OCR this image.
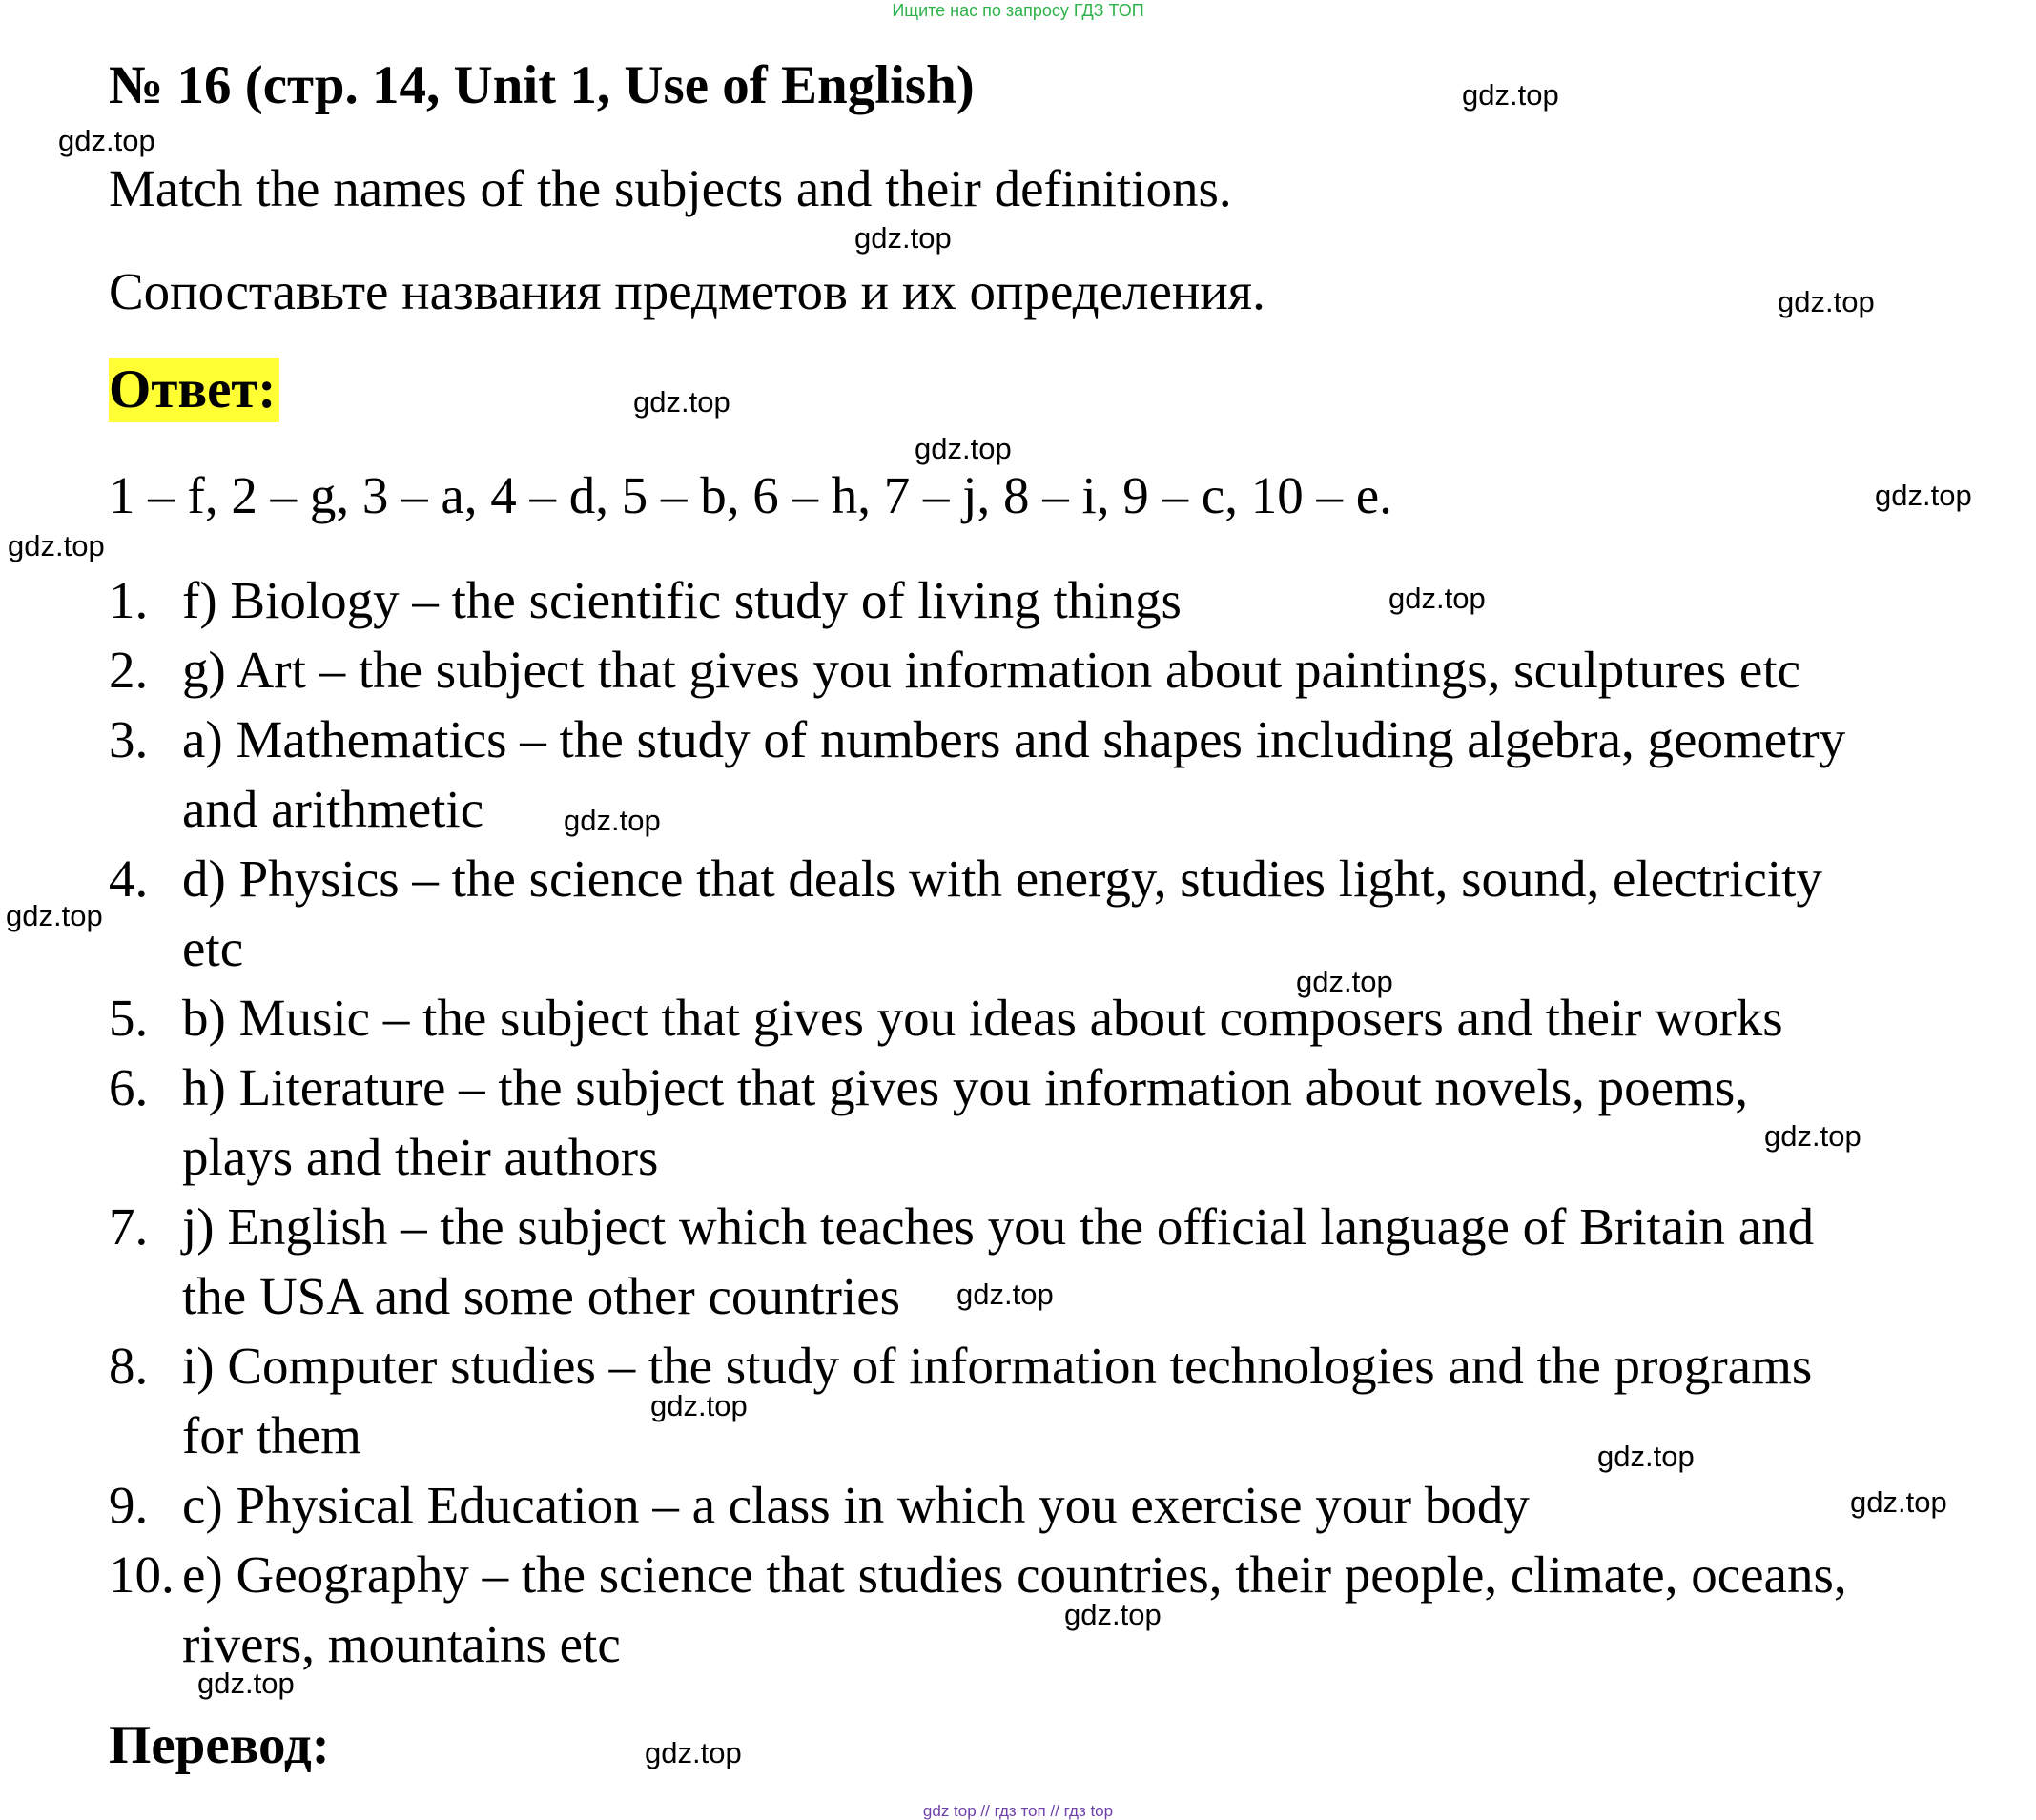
Ищите нас по запросу ГДЗ ТОП
№ 16 (стр. 14, Unit 1, Use of English)
Match the names of the subjects and their definitions.
Сопоставьте названия предметов и их определения.
Ответ:
1 – f, 2 – g, 3 – a, 4 – d, 5 – b, 6 – h, 7 – j, 8 – i, 9 – c, 10 – e.
1. f) Biology – the scientific study of living things
2. g) Art – the subject that gives you information about paintings, sculptures etc
3. a) Mathematics – the study of numbers and shapes including algebra, geometry
and arithmetic
4. d) Physics – the science that deals with energy, studies light, sound, electricity
etc
5. b) Music – the subject that gives you ideas about composers and their works
6. h) Literature – the subject that gives you information about novels, poems,
plays and their authors
7. j) English – the subject which teaches you the official language of Britain and
the USA and some other countries
8. i) Computer studies – the study of information technologies and the programs
for them
9. c) Physical Education – a class in which you exercise your body
10. e) Geography – the science that studies countries, their people, climate, oceans,
rivers, mountains etc
Перевод:
gdz.top
gdz.top
gdz.top
gdz.top
gdz.top
gdz.top
gdz.top
gdz.top
gdz.top
gdz.top
gdz.top
gdz.top
gdz.top
gdz.top
gdz.top
gdz.top
gdz.top
gdz.top
gdz.top
gdz.top
gdz top // гдз топ // гдз top
